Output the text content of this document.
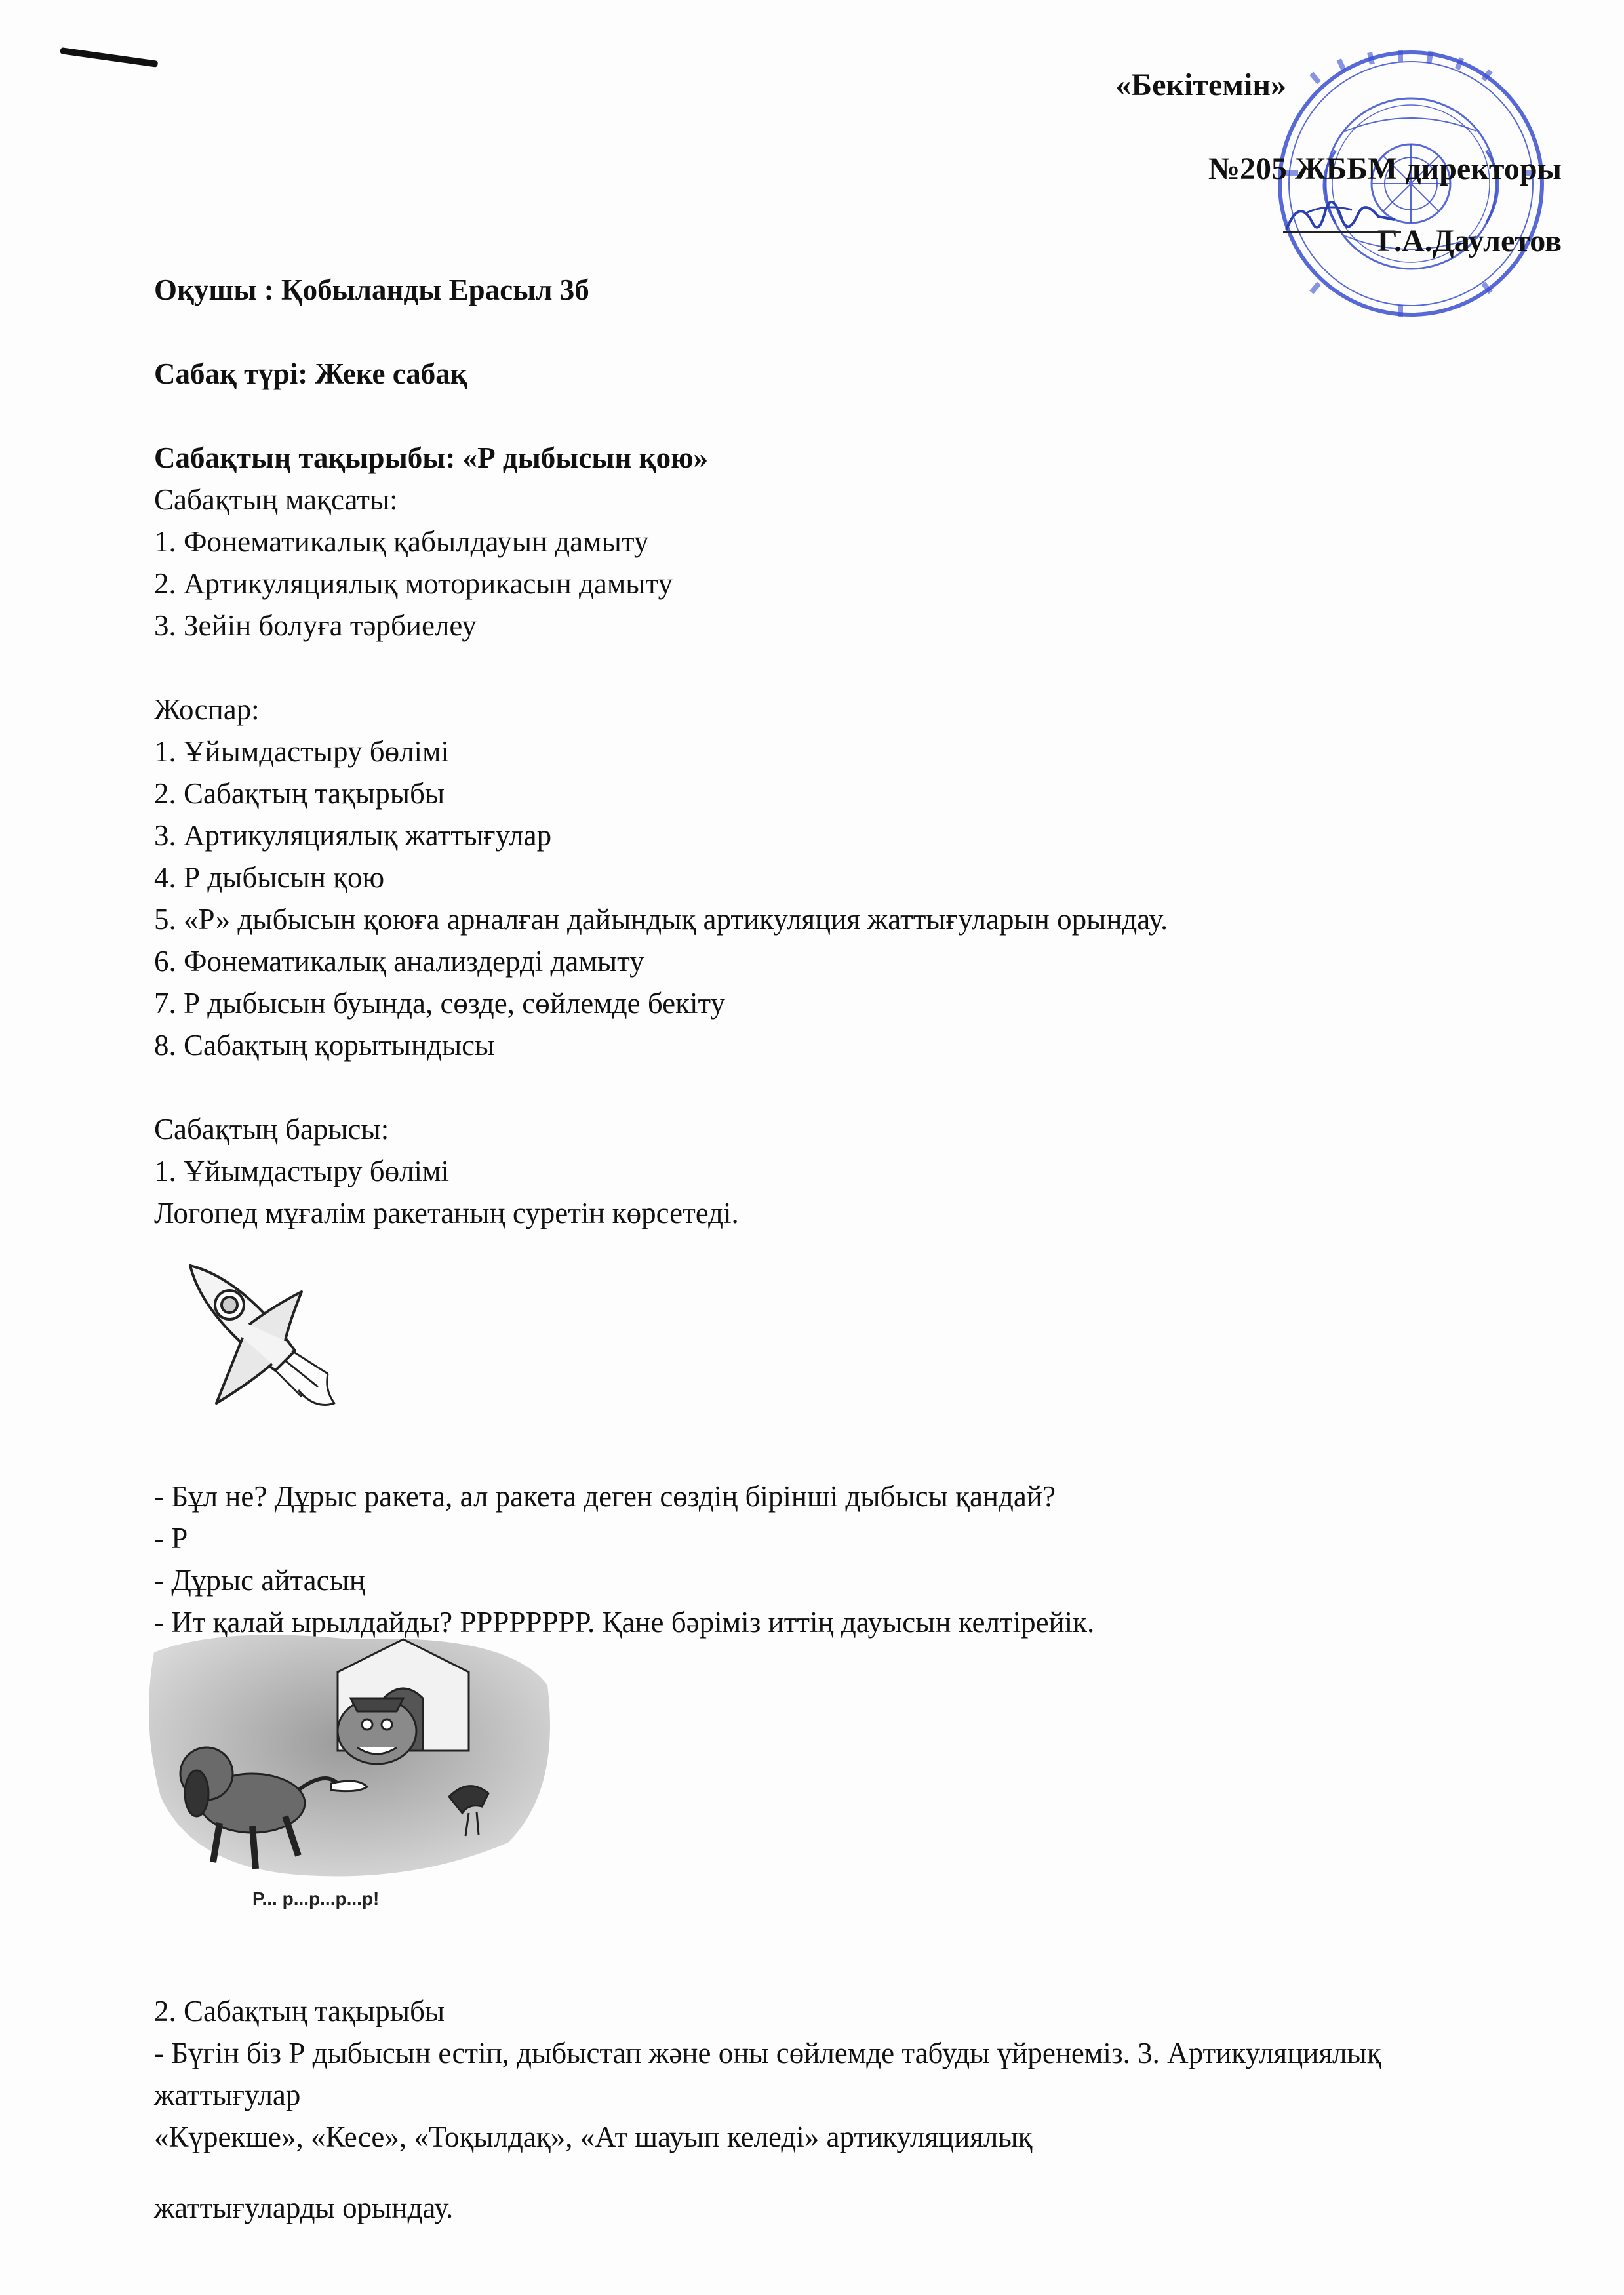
«Бекітемін»
№205 ЖББМ директоры
Г.А.Даулетов

Оқушы : Қобыланды Ерасыл 3б

Сабақ түрі: Жеке сабақ

Сабақтың тақырыбы: «Р дыбысын қою»

Сабақтың мақсаты:

1. Фонематикалық қабылдауын дамыту

2. Артикуляциялық моторикасын дамыту

3. Зейін болуға тәрбиелеу

Жоспар:

1. Ұйымдастыру бөлімі

2. Сабақтың тақырыбы

3. Артикуляциялық жаттығулар

4. Р дыбысын қою

5. «Р» дыбысын қоюға арналған дайындық артикуляция жаттығуларын орындау.

6. Фонематикалық анализдерді дамыту

7. Р дыбысын буында, сөзде, сөйлемде бекіту

8. Сабақтың қорытындысы

Сабақтың барысы:

1. Ұйымдастыру бөлімі

Логопед мұғалім ракетаның суретін көрсетеді.

- Бұл не? Дұрыс ракета, ал ракета деген сөздің бірінші дыбысы қандай?

- Р

- Дұрыс айтасың

- Ит қалай ырылдайды? РРРРРРРР. Қане бәріміз иттің дауысын келтірейік.

Р... р...р...р...р!

2. Сабақтың тақырыбы

- Бүгін біз Р дыбысын естіп, дыбыстап және оны сөйлемде табуды үйренеміз. 3. Артикуляциялық

жаттығулар

«Күрекше», «Кесе», «Тоқылдақ», «Ат шауып келеді» артикуляциялық

жаттығуларды орындау.
